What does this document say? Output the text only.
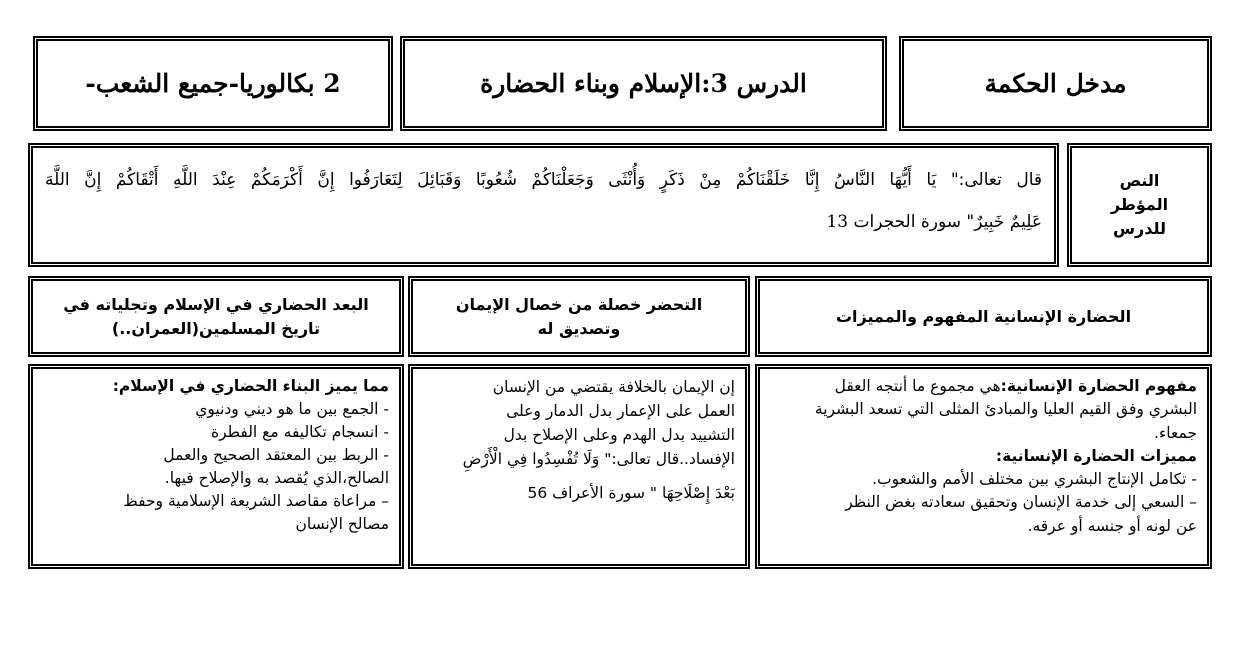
مدخل الحكمة
الدرس 3:الإسلام وبناء الحضارة
2 بكالوريا-جميع الشعب-
النص
المؤطر
للدرس
قال تعالى:" يَا أَيُّهَا النَّاسُ إِنَّا خَلَقْنَاكُمْ مِنْ ذَكَرٍ وَأُنْثَى وَجَعَلْنَاكُمْ شُعُوبًا وَقَبَائِلَ لِتَعَارَفُوا إِنَّ أَكْرَمَكُمْ عِنْدَ اللَّهِ أَتْقَاكُمْ إِنَّ اللَّهَ
عَلِيمٌ خَبِيرٌ" سورة الحجرات 13
الحضارة الإنسانية المفهوم والمميزات
التحضر خصلة من خصال الإيمان
وتصديق له
البعد الحضاري في الإسلام وتجلياته في
تاريخ المسلمين(العمران..)
مفهوم الحضارة الإنسانية:هي مجموع ما أنتجه العقل
البشري وفق القيم العليا والمبادئ المثلى التي تسعد البشرية
جمعاء.
مميزات الحضارة الإنسانية:
- تكامل الإنتاج البشري بين مختلف الأمم والشعوب.
– السعي إلى خدمة الإنسان وتحقيق سعادته بغض النظر
عن لونه أو جنسه أو عرقه.
إن الإيمان بالخلافة يقتضي من الإنسان
العمل على الإعمار بدل الدمار وعلى
التشييد بدل الهدم وعلى الإصلاح بدل
الإفساد..قال تعالى:" وَلَا تُفْسِدُوا فِي الْأَرْضِ
بَعْدَ إِصْلَاحِهَا " سورة الأعراف 56
مما يميز البناء الحضاري في الإسلام:
- الجمع بين ما هو ديني ودنيوي
- انسجام تكاليفه مع الفطرة
- الربط بين المعتقد الصحيح والعمل
الصالح،الذي يُقصد به والإصلاح فيها.
– مراعاة مقاصد الشريعة الإسلامية وحفظ
مصالح الإنسان
